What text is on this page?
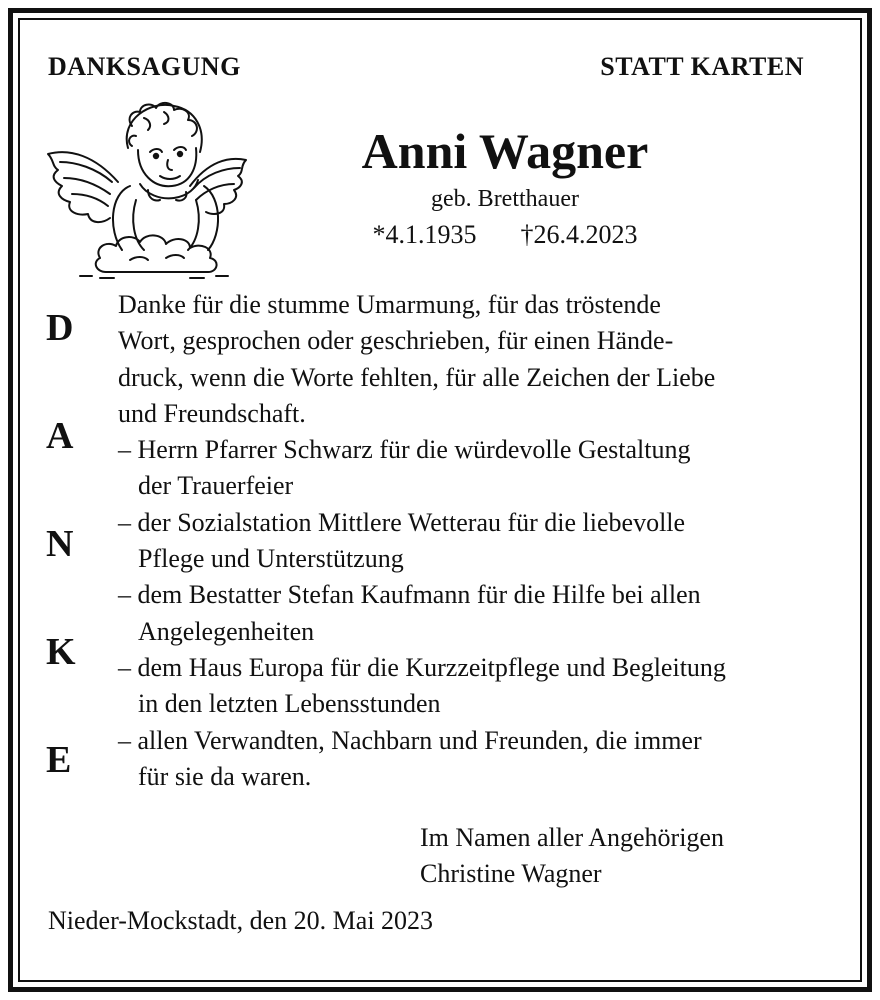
DANKSAGUNG	STATT KARTEN
Anni Wagner
geb. Bretthauer
*4.1.1935 †26.4.2023
D
A
N
K
E
Danke für die stumme Umarmung, für das tröstende
Wort, gesprochen oder geschrieben, für einen Hände-
druck, wenn die Worte fehlten, für alle Zeichen der Liebe
und Freundschaft.
– Herrn Pfarrer Schwarz für die würdevolle Gestaltung
der Trauerfeier
– der Sozialstation Mittlere Wetterau für die liebevolle
Pflege und Unterstützung
– dem Bestatter Stefan Kaufmann für die Hilfe bei allen
Angelegenheiten
– dem Haus Europa für die Kurzzeitpflege und Begleitung
in den letzten Lebensstunden
– allen Verwandten, Nachbarn und Freunden, die immer
für sie da waren.
Im Namen aller Angehörigen
Christine Wagner
Nieder-Mockstadt, den 20. Mai 2023
